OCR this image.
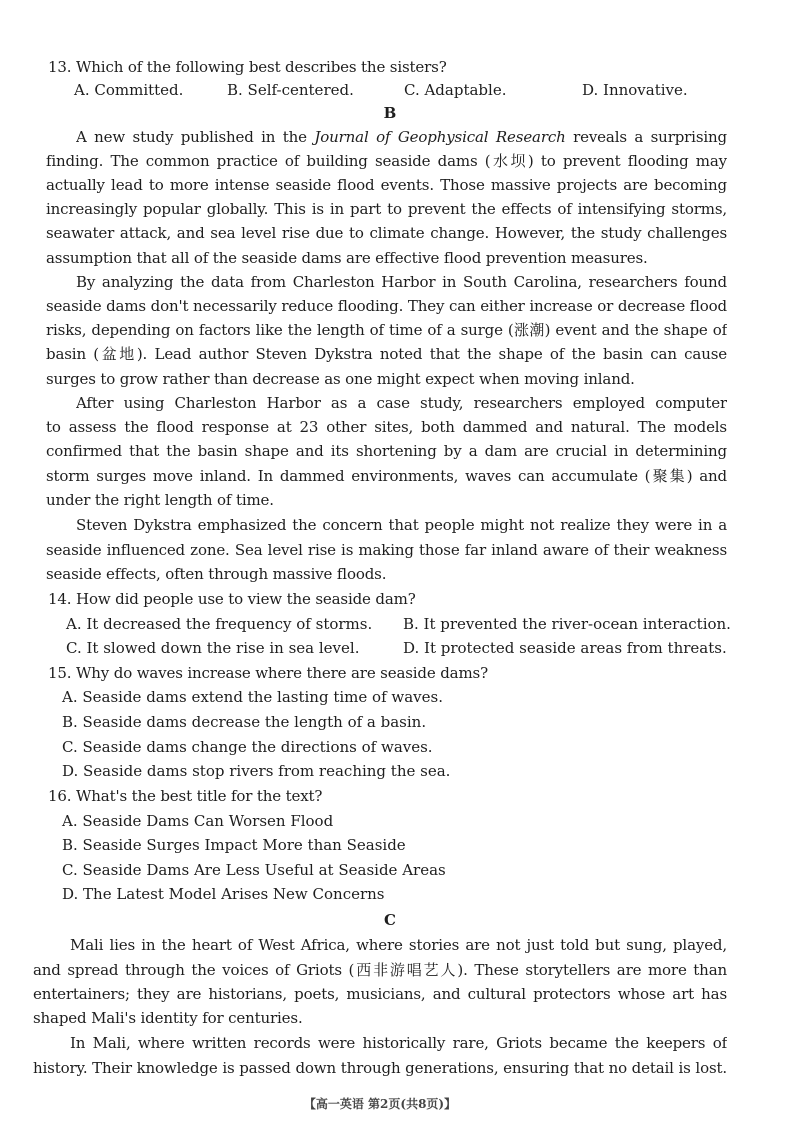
13. Which of the following best describes the sisters?
A. Committed.	B. Self-centered.	C. Adaptable.	D. Innovative.
B
A new study published in the Journal of Geophysical Research reveals a surprising
finding. The common practice of building seaside dams (水坝) to prevent flooding may
actually lead to more intense seaside flood events. Those massive projects are becoming
increasingly popular globally. This is in part to prevent the effects of intensifying storms,
seawater attack, and sea level rise due to climate change. However, the study challenges
assumption that all of the seaside dams are effective flood prevention measures.
By analyzing the data from Charleston Harbor in South Carolina, researchers found
seaside dams don't necessarily reduce flooding. They can either increase or decrease flood
risks, depending on factors like the length of time of a surge (涨潮) event and the shape of
basin (盆地). Lead author Steven Dykstra noted that the shape of the basin can cause
surges to grow rather than decrease as one might expect when moving inland.
After using Charleston Harbor as a case study, researchers employed computer
to assess the flood response at 23 other sites, both dammed and natural. The models
confirmed that the basin shape and its shortening by a dam are crucial in determining
storm surges move inland. In dammed environments, waves can accumulate (聚集) and
under the right length of time.
Steven Dykstra emphasized the concern that people might not realize they were in a
seaside influenced zone. Sea level rise is making those far inland aware of their weakness
seaside effects, often through massive floods.
14. How did people use to view the seaside dam?
A. It decreased the frequency of storms. B. It prevented the river-ocean interaction.
C. It slowed down the rise in sea level.	D. It protected seaside areas from threats.
15. Why do waves increase where there are seaside dams?
A. Seaside dams extend the lasting time of waves.
B. Seaside dams decrease the length of a basin.
C. Seaside dams change the directions of waves.
D. Seaside dams stop rivers from reaching the sea.
16. What's the best title for the text?
A. Seaside Dams Can Worsen Flood
B. Seaside Surges Impact More than Seaside
C. Seaside Dams Are Less Useful at Seaside Areas
D. The Latest Model Arises New Concerns
C
Mali lies in the heart of West Africa, where stories are not just told but sung, played,
and spread through the voices of Griots (西非游唱艺人). These storytellers are more than
entertainers; they are historians, poets, musicians, and cultural protectors whose art has
shaped Mali's identity for centuries.
In Mali, where written records were historically rare, Griots became the keepers of
history. Their knowledge is passed down through generations, ensuring that no detail is lost.
【高一英语 第2页(共8页)】
